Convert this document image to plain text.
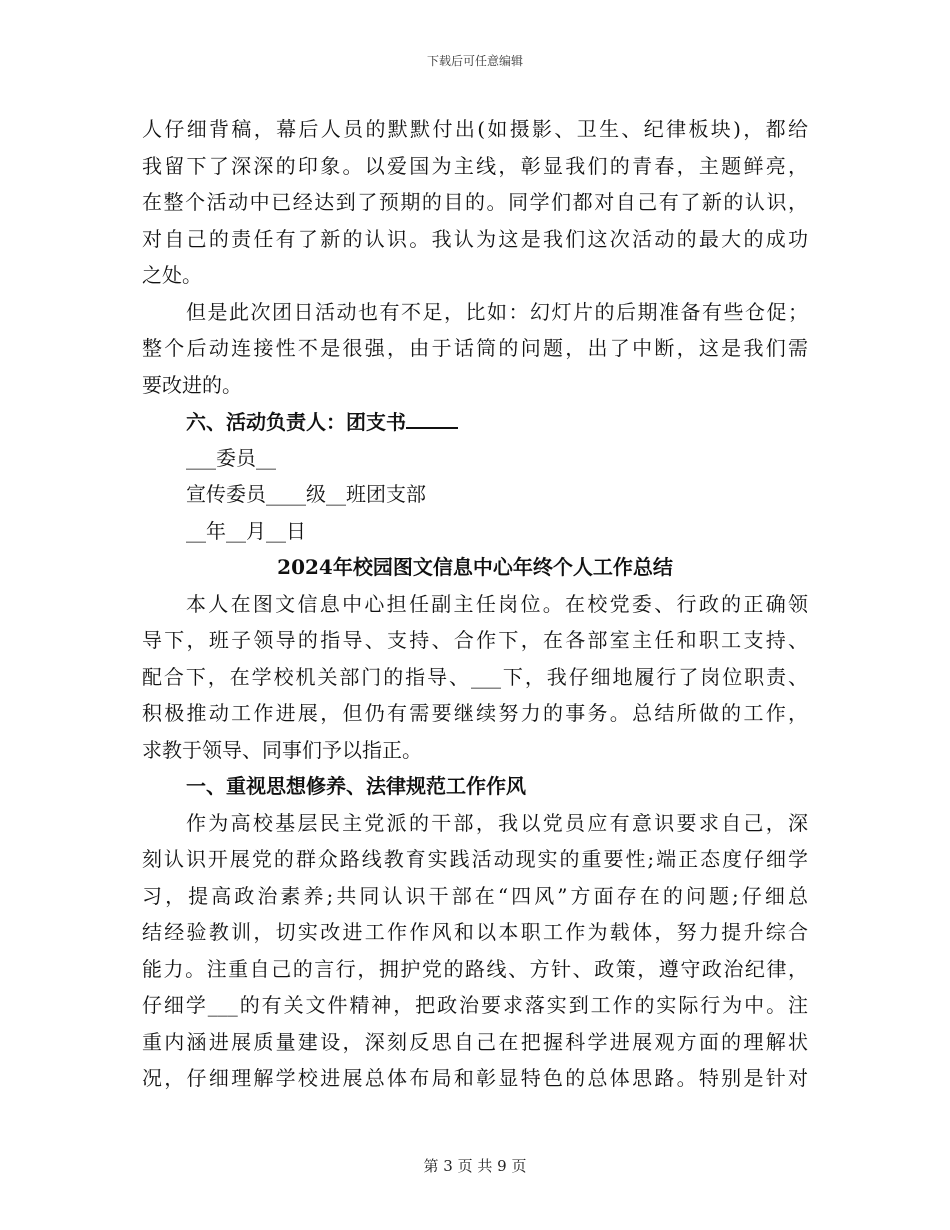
下载后可任意编辑
人仔细背稿，幕后人员的默默付出(如摄影、卫生、纪律板块)，都给
我留下了深深的印象。以爱国为主线，彰显我们的青春，主题鲜亮，
在整个活动中已经达到了预期的目的。同学们都对自己有了新的认识，
对自己的责任有了新的认识。我认为这是我们这次活动的最大的成功
之处。
但是此次团日活动也有不足，比如：幻灯片的后期准备有些仓促；
整个后动连接性不是很强，由于话筒的问题，出了中断，这是我们需
要改进的。
六、活动负责人：团支书
___委员__
宣传委员____级__班团支部
__年__月__日
2024年校园图文信息中心年终个人工作总结
本人在图文信息中心担任副主任岗位。在校党委、行政的正确领
导下，班子领导的指导、支持、合作下，在各部室主任和职工支持、
配合下，在学校机关部门的指导、___下，我仔细地履行了岗位职责、
积极推动工作进展，但仍有需要继续努力的事务。总结所做的工作，
求教于领导、同事们予以指正。
一、重视思想修养、法律规范工作作风
作为高校基层民主党派的干部，我以党员应有意识要求自己，深
刻认识开展党的群众路线教育实践活动现实的重要性;端正态度仔细学
习，提高政治素养;共同认识干部在“四风”方面存在的问题;仔细总
结经验教训，切实改进工作作风和以本职工作为载体，努力提升综合
能力。注重自己的言行，拥护党的路线、方针、政策，遵守政治纪律，
仔细学___的有关文件精神，把政治要求落实到工作的实际行为中。注
重内涵进展质量建设，深刻反思自己在把握科学进展观方面的理解状
况，仔细理解学校进展总体布局和彰显特色的总体思路。特别是针对
第 3 页 共 9 页
